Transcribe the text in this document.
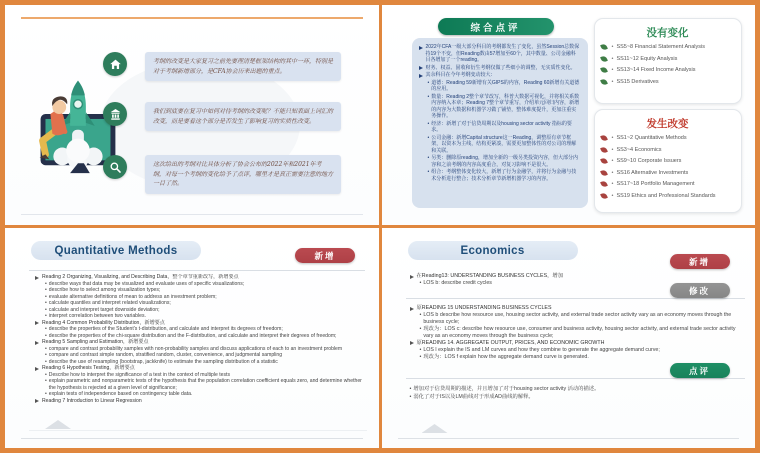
考纲的改变是大家复习之前先要理清楚框架结构的其中一环，特别是对于考纲新增部分，是CFA协会历来出题的重点。
我们到底要在复习中如何对待考纲的改变呢？不能只知表面上词汇的改变，而是要看这个部分是否发生了影响复习的实质性改变。
这次给出的考纲对比具体分析了协会公布的2022年和2021年考纲，对每一个考纲的变化给予了点评，哪里才是真正需要注意的地方一目了然。
综合点评
2022年CFA一级大部分科目的考纲都发生了变化，虽然Session总数保持19个不变，但Reading数由57增加至60个，其中数量、公司金融科目各增加了一个reading。
财务、权益、固收和衍生考纲仅做了些细小的调整，无实质性变化。
其余科目在今年考纲变动较大：
• 道德：Reading 59新增有关GIPS的内容，Reading 60新增有关道德的应用。
• 数量：Reading 2整个章节改写，科普大数据可视化，并将相关系数内容纳入本章；Reading 7整个章节重写，介绍单元回归内容，新增的内容为大数据和机器学习做了铺垫，整体难度提升，更加注重实务操作。
• 经济：新增了对于信贷周期以及housing sector activity 指标的要求。
• 公司金融：新增Capital structure这一Reading，调整原有章节框架，以资本为主线，结构更紧凑，需要更加整体性的对公司的理解和关联。
• 另类：删除原reading，增加全新的一级另类投资内容，但大部分内容和之前考纲的内容高度重合，对复习影响不是很大。
• 组合：考纲整体变化较大，新增了行为金融学，并将行为金融与技术分析进行整合；技术分析章节新增机器学习的内容。
没有变化
• SS5~8 Financial Statement Analysis
• SS11~12 Equity Analysis
• SS13~14 Fixed Income Analysis
• SS15 Derivatives
发生改变
• SS1~2 Quantitative Methods
• SS3~4 Economics
• SS9~10 Corporate Issuers
• SS16 Alternative Investments
• SS17~18 Portfolio Management
• SS19 Ethics and Professional Standards
Quantitative Methods	新增
Reading 2 Organizing, Visualizing, and Describing Data，整个章节重新改写，新增要点
• describe ways that data may be visualized and evaluate uses of specific visualizations;
• describe how to select among visualization types;
• evaluate alternative definitions of mean to address an investment problem;
• calculate quantiles and interpret related visualizations;
• calculate and interpret target downside deviation;
• interpret correlation between two variables.
Reading 4 Common Probability Distribution，新增要点
• describe the properties of the Student's t-distribution, and calculate and interpret its degrees of freedom;
• describe the properties of the chi-square distribution and the F-distribution, and calculate and interpret their degrees of freedom;
Reading 5 Sampling and Estimation，新增要点
• compare and contrast probability samples with non-probability samples and discuss applications of each to an investment problem
• compare and contrast simple random, stratified random, cluster, convenience, and judgmental sampling
• describe the use of resampling (bootstrap, jackknife) to estimate the sampling distribution of a statistic
Reading 6 Hypothesis Testing，新增要点
• Describe how to interpret the significance of a test in the context of multiple tests
• explain parametric and nonparametric tests of the hypothesis that the population correlation coefficient equals zero, and determine whether the hypothesis is rejected at a given level of significance;
• explain tests of independence based on contingency table data.
Reading 7 Introduction to Linear Regression
Economics
新增
在Reading13: UNDERSTANDING BUSINESS CYCLES，增加
• LOS b: describe credit cycles
修改
原READING 15 UNDERSTANDING BUSINESS CYCLES
• LOS b describe how resource use, housing sector activity, and external trade sector activity vary as an economy moves through the business cycle;
• 现改为：LOS c: describe how resource use, consumer and business activity, housing sector activity, and external trade sector activity vary as an economy moves through the business cycle;
原READING 14. AGGREGATE OUTPUT, PRICES, AND ECONOMIC GROWTH
• LOS l explain the IS and LM curves and how they combine to generate the aggregate demand curve;
• 现改为：LOS f explain how the aggregate demand curve is generated.
点评
• 增加对于信贷周期的描述，并且增加了对于housing sector activity 活动的描述。
• 弱化了对于IS以及LM曲线对于形成AD曲线的解释。
